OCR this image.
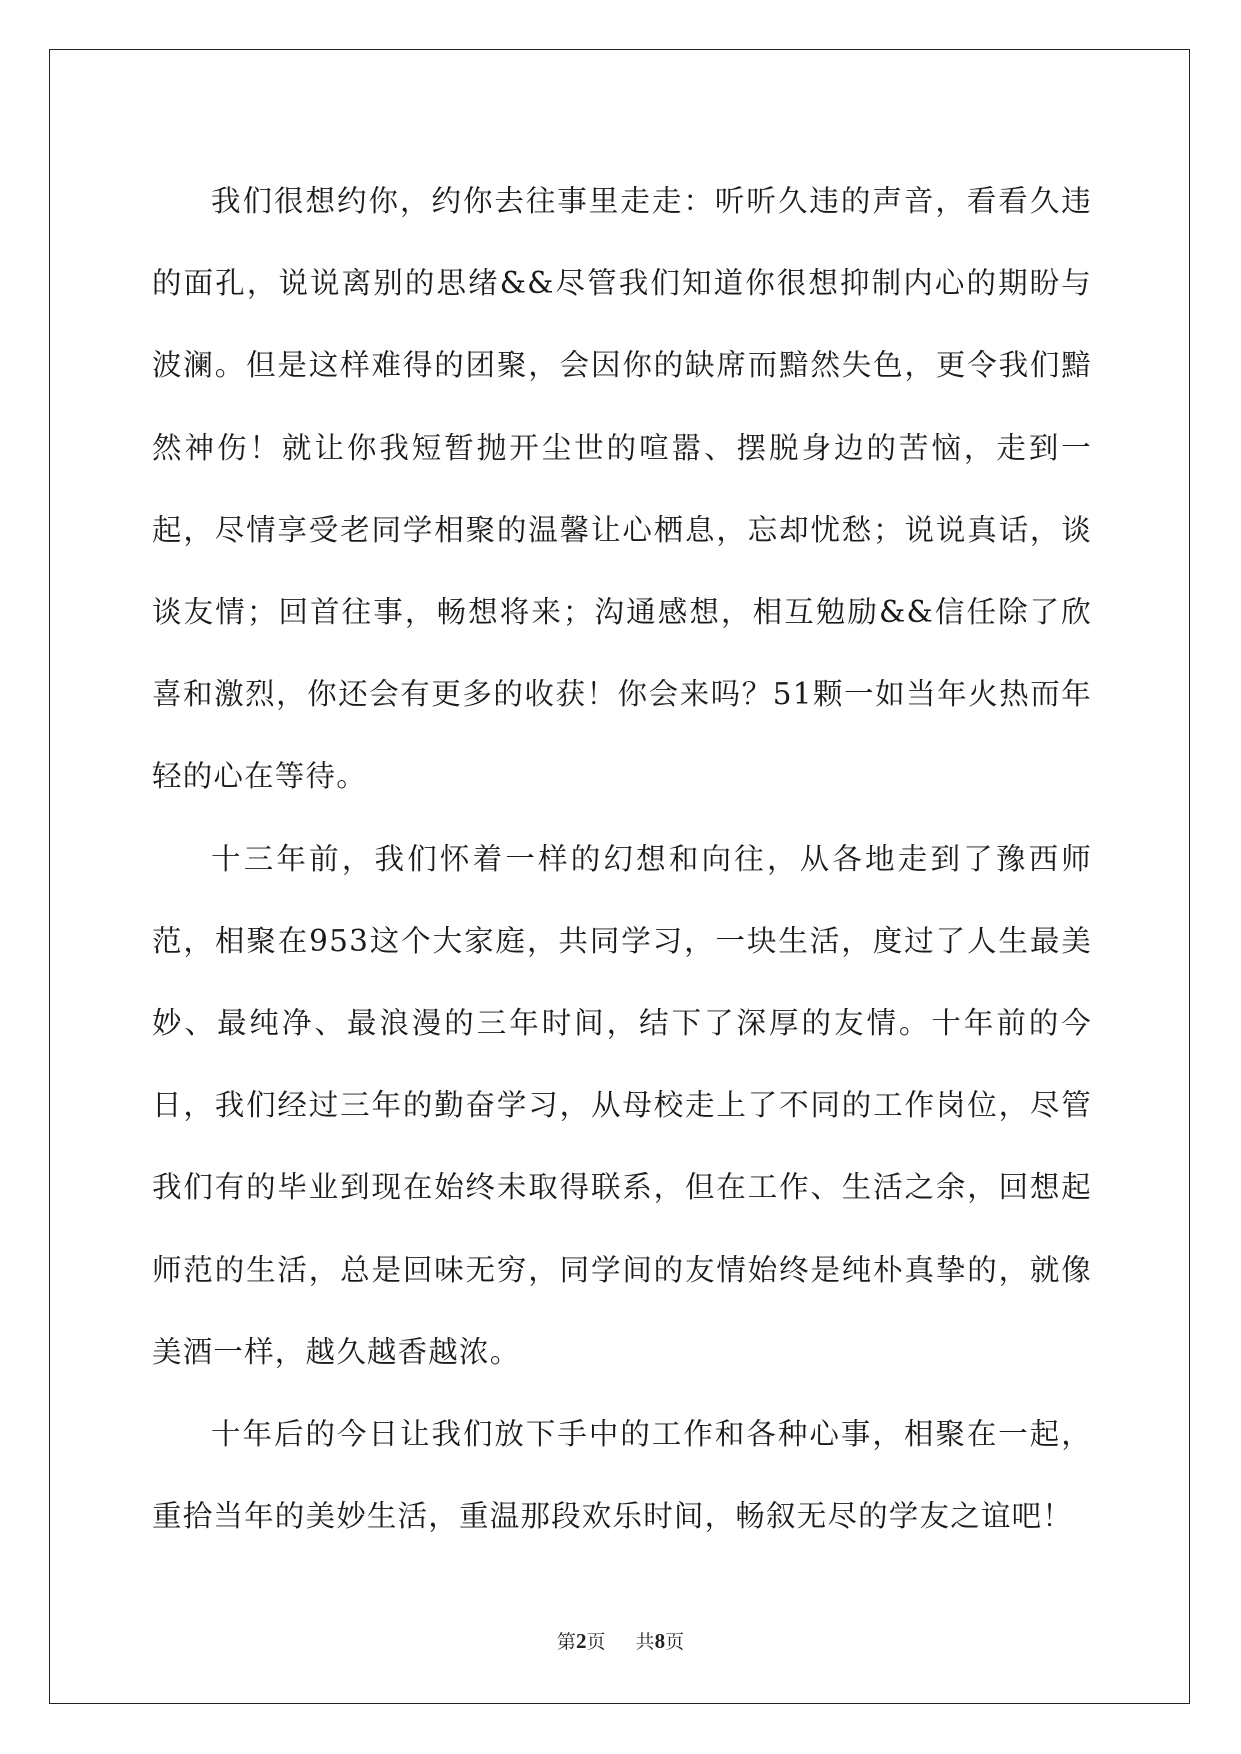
我们很想约你，约你去往事里走走：听听久违的声音，看看久违的面孔，说说离别的思绪&&尽管我们知道你很想抑制内心的期盼与波澜。但是这样难得的团聚，会因你的缺席而黯然失色，更令我们黯然神伤！就让你我短暂抛开尘世的喧嚣、摆脱身边的苦恼，走到一起，尽情享受老同学相聚的温馨让心栖息，忘却忧愁；说说真话，谈谈友情；回首往事，畅想将来；沟通感想，相互勉励&&信任除了欣喜和激烈，你还会有更多的收获！你会来吗？51颗一如当年火热而年轻的心在等待。

十三年前，我们怀着一样的幻想和向往，从各地走到了豫西师范，相聚在953这个大家庭，共同学习，一块生活，度过了人生最美妙、最纯净、最浪漫的三年时间，结下了深厚的友情。十年前的今日，我们经过三年的勤奋学习，从母校走上了不同的工作岗位，尽管我们有的毕业到现在始终未取得联系，但在工作、生活之余，回想起师范的生活，总是回味无穷，同学间的友情始终是纯朴真挚的，就像美酒一样，越久越香越浓。

十年后的今日让我们放下手中的工作和各种心事，相聚在一起，重拾当年的美妙生活，重温那段欢乐时间，畅叙无尽的学友之谊吧！

第2页 共8页
